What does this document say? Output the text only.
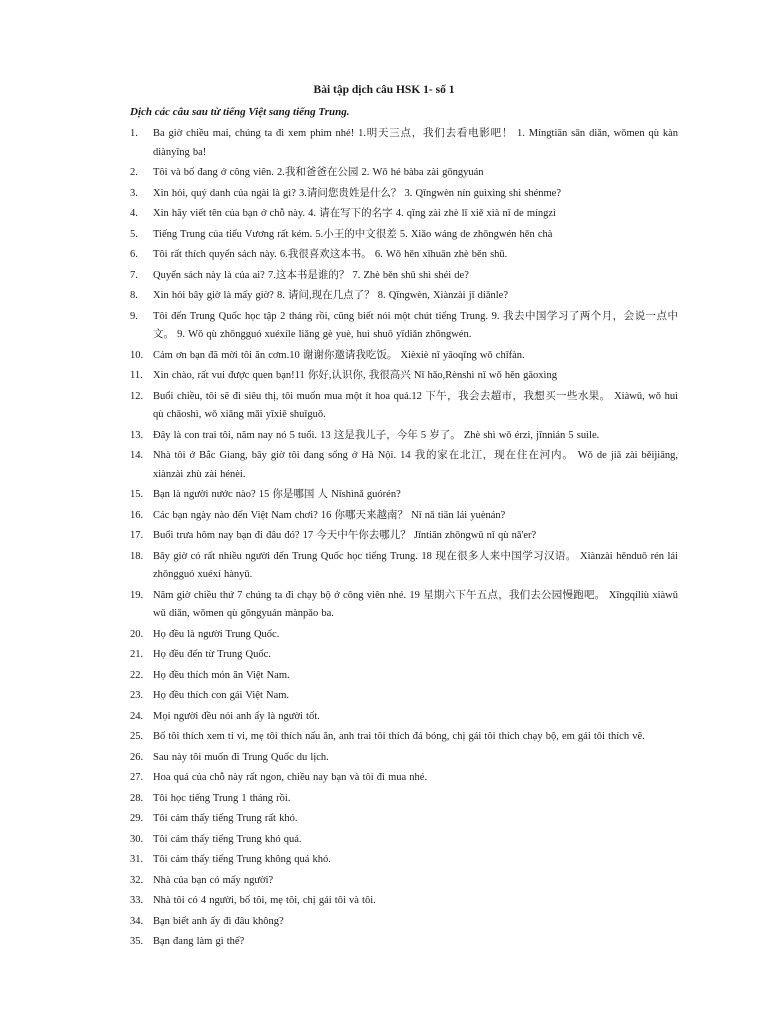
Bài tập dịch câu HSK 1- số 1
Dịch các câu sau từ tiếng Việt sang tiếng Trung.
1. Ba giờ chiều mai, chúng ta đi xem phim nhé! 1.明天三点，我们去看电影吧！ 1. Míngtiān sān diǎn, wǒmen qù kàn diànyǐng ba!
2. Tôi và bố đang ở công viên. 2.我和爸爸在公园 2. Wǒ hé bàba zài gōngyuán
3. Xin hỏi, quý danh của ngài là gì? 3.请问您贵姓是什么？ 3. Qǐngwèn nín guìxìng shì shénme?
4. Xin hãy viết tên của bạn ở chỗ này. 4. 请在写下的名字 4. qǐng zài zhè lǐ xiě xià nǐ de míngzì
5. Tiếng Trung của tiểu Vương rất kém. 5.小王的中文很差 5. Xiǎo wáng de zhōngwén hěn chà
6. Tôi rất thích quyển sách này. 6.我很喜欢这本书。 6. Wǒ hěn xǐhuān zhè běn shū.
7. Quyển sách này là của ai? 7.这本书是谁的？ 7. Zhè běn shū shì shéi de?
8. Xin hỏi bây giờ là mấy giờ? 8. 请问,现在几点了？ 8. Qǐngwèn, Xiànzài jǐ diǎnle?
9. Tôi đến Trung Quốc học tập 2 tháng rồi, cũng biết nói một chút tiếng Trung. 9. 我去中国学习了两个月，会说一点中文。 9. Wǒ qù zhōngguó xuéxíle liǎng gè yuè, huì shuō yīdiǎn zhōngwén.
10. Cảm ơn bạn đã mời tôi ăn cơm.10 谢谢你邀请我吃饭。 Xièxiè nǐ yāoqǐng wǒ chīfàn.
11. Xin chào, rất vui được quen bạn!11 你好,认识你, 我很高兴 Nǐ hǎo,Rènshì nǐ wǒ hěn gāoxìng
12. Buổi chiều, tôi sẽ đi siêu thị, tôi muốn mua một ít hoa quả.12 下午，我会去超市，我想买一些水果。 Xiàwǔ, wǒ huì qù chāoshì, wǒ xiǎng mǎi yīxiē shuǐguǒ.
13. Đây là con trai tôi, năm nay nó 5 tuổi. 13 这是我儿子，今年 5 岁了。 Zhè shì wǒ érzi, jīnnián 5 suìle.
14. Nhà tôi ở Bắc Giang, bây giờ tôi đang sống ở Hà Nội. 14 我的家在北江，现在住在河内。 Wǒ de jiā zài běijiāng, xiànzài zhù zài hénèi.
15. Bạn là người nước nào? 15 你是哪国 人 Nǐshìnǎ guórén?
16. Các bạn ngày nào đến Việt Nam chơi? 16 你哪天来越南？ Nǐ nǎ tiān lái yuènán?
17. Buổi trưa hôm nay bạn đi đâu đó? 17 今天中午你去哪儿？ Jīntiān zhōngwǔ nǐ qù nǎ'er?
18. Bây giờ có rất nhiều người đến Trung Quốc học tiếng Trung. 18 现在很多人来中国学习汉语。 Xiànzài hěnduō rén lái zhōngguó xuéxí hànyǔ.
19. Năm giờ chiều thứ 7 chúng ta đi chạy bộ ở công viên nhé. 19 星期六下午五点，我们去公园慢跑吧。 Xīngqíliù xiàwǔ wǔ diǎn, wǒmen qù gōngyuán mànpǎo ba.
20. Họ đều là người Trung Quốc.
21. Họ đều đến từ Trung Quốc.
22. Họ đều thích món ăn Việt Nam.
23. Họ đều thích con gái Việt Nam.
24. Mọi người đều nói anh ấy là người tốt.
25. Bố tôi thích xem ti vi, mẹ tôi thích nấu ăn, anh trai tôi thích đá bóng, chị gái tôi thích chạy bộ, em gái tôi thích vẽ.
26. Sau này tôi muốn đi Trung Quốc du lịch.
27. Hoa quả của chỗ này rất ngon, chiều nay bạn và tôi đi mua nhé.
28. Tôi học tiếng Trung 1 tháng rồi.
29. Tôi cảm thấy tiếng Trung rất khó.
30. Tôi cảm thấy tiếng Trung khó quá.
31. Tôi cảm thấy tiếng Trung không quá khó.
32. Nhà của bạn có mấy người?
33. Nhà tôi có 4 người, bố tôi, mẹ tôi, chị gái tôi và tôi.
34. Bạn biết anh ấy đi đâu không?
35. Bạn đang làm gì thế?
